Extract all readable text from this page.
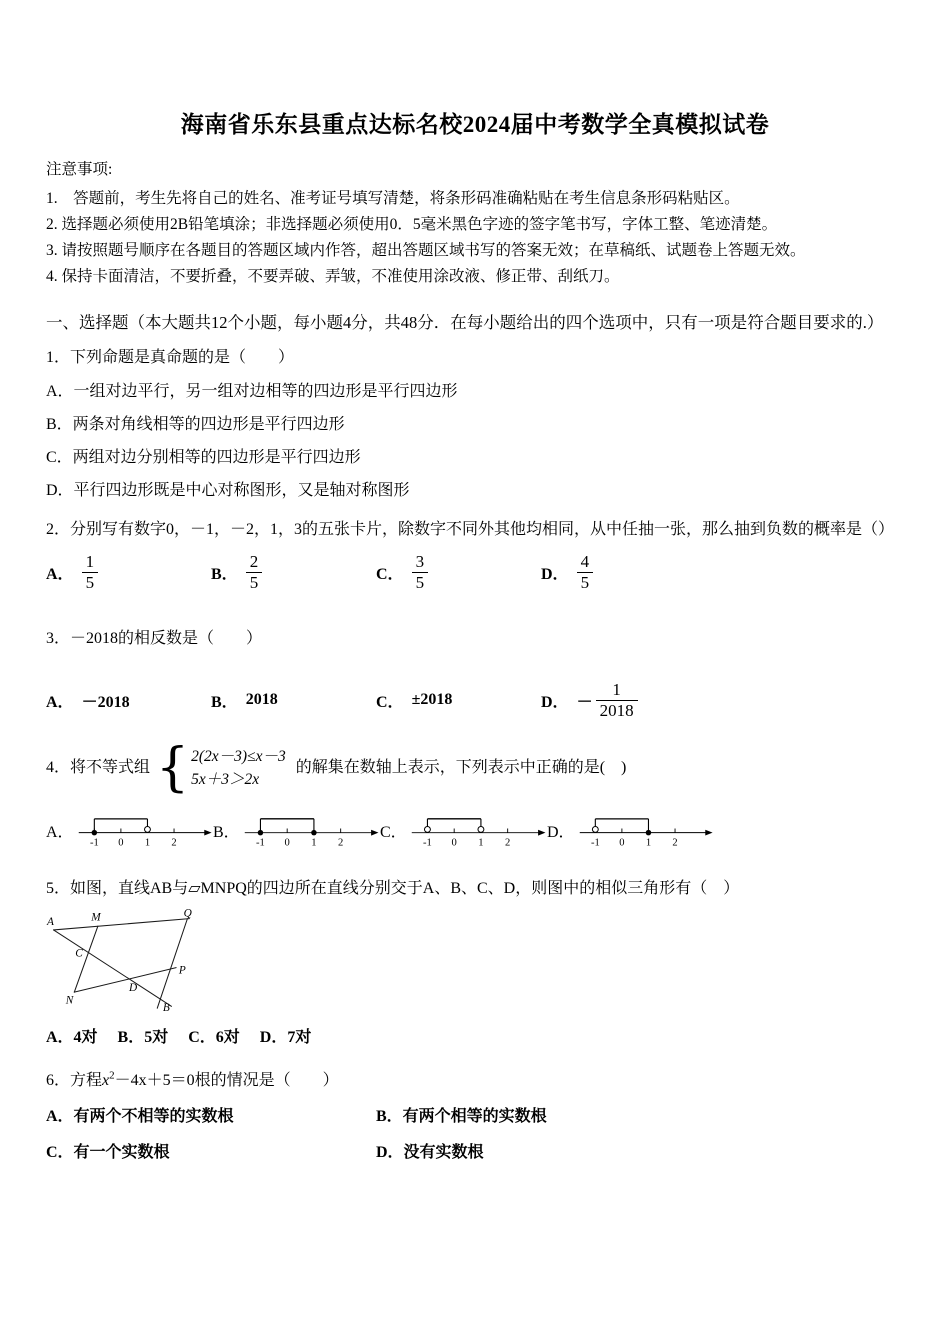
海南省乐东县重点达标名校2024届中考数学全真模拟试卷
注意事项:
1.　答题前，考生先将自己的姓名、准考证号填写清楚，将条形码准确粘贴在考生信息条形码粘贴区。
2. 选择题必须使用2B铅笔填涂；非选择题必须使用0．5毫米黑色字迹的签字笔书写，字体工整、笔迹清楚。
3. 请按照题号顺序在各题目的答题区域内作答，超出答题区域书写的答案无效；在草稿纸、试题卷上答题无效。
4. 保持卡面清洁，不要折叠，不要弄破、弄皱，不准使用涂改液、修正带、刮纸刀。

一、选择题（本大题共12个小题，每小题4分，共48分．在每小题给出的四个选项中，只有一项是符合题目要求的.）

1．下列命题是真命题的是（　　）

A．一组对边平行，另一组对边相等的四边形是平行四边形
B．两条对角线相等的四边形是平行四边形
C．两组对边分别相等的四边形是平行四边形
D．平行四边形既是中心对称图形，又是轴对称图形

2．分别写有数字0，－1，－2，1，3的五张卡片，除数字不同外其他均相同，从中任抽一张，那么抽到负数的概率是（）

A． $\frac{1}{5}$	B． $\frac{2}{5}$	C． $\frac{3}{5}$	D． $\frac{4}{5}$

3．－2018的相反数是（　　）

A． －2018	B． 2018	C． ±2018	D． － $\frac{1}{2018}$
4．将不等式组 { 2(2x－3)≤x－3
5x＋3＞2x
的解集在数轴上表示，下列表示中正确的是(　)
A．
-1 0 1 2
B．
-1 0 1 2
C．
-1 0 1 2
D．
-1 0 1 2

5．如图，直线AB与▱MNPQ的四边所在直线分别交于A、B、C、D，则图中的相似三角形有（　）

A	M	Q
C
N
D
P
B
A．4对　 B．5对　 C．6对　 D．7对

6．方程$x^2-4x+5=0$根的情况是（　　）

A．有两个不相等的实数根	B．有两个相等的实数根
C．有一个实数根	D．没有实数根
